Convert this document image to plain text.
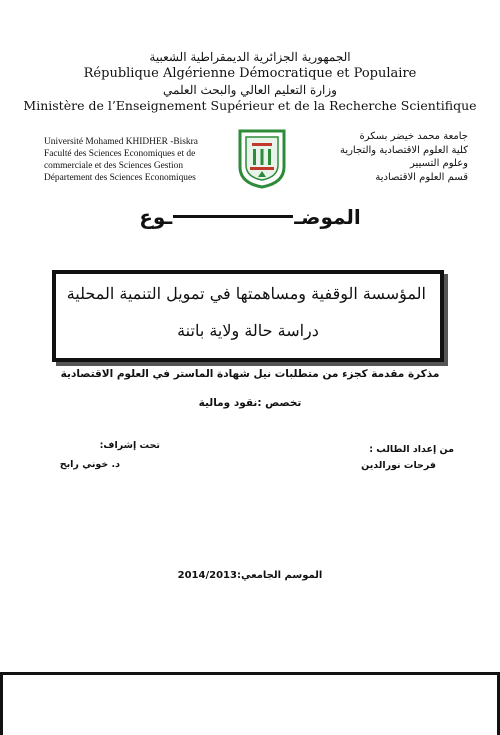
الجمهورية الجزائرية الديمقراطية الشعبية
République Algérienne Démocratique et Populaire
وزارة التعليم العالي والبحث العلمي
Ministère de l’Enseignement Supérieur et de la Recherche Scientifique
Université Mohamed KHIDHER -Biskra
Faculté des Sciences Economiques et de
commerciale et des Sciences Gestion
Département des Sciences Economiques
جامعة محمد خيضر بسكرة
كلية العلوم الاقتصادية والتجارية
وعلوم التسيير
قسم العلوم الاقتصادية
الموضــوع
المؤسسة الوقفية ومساهمتها في تمويل التنمية المحلية
دراسة حالة ولاية باتنة
مذكرة مقدمة كجزء من متطلبات نيل شهادة الماستر في العلوم الاقتصادية
تخصص :نقود ومالية
تحت إشراف:
د. خوني رابح
من إعداد الطالب :
فرحات نورالدين
الموسم الجامعي:2014/2013
